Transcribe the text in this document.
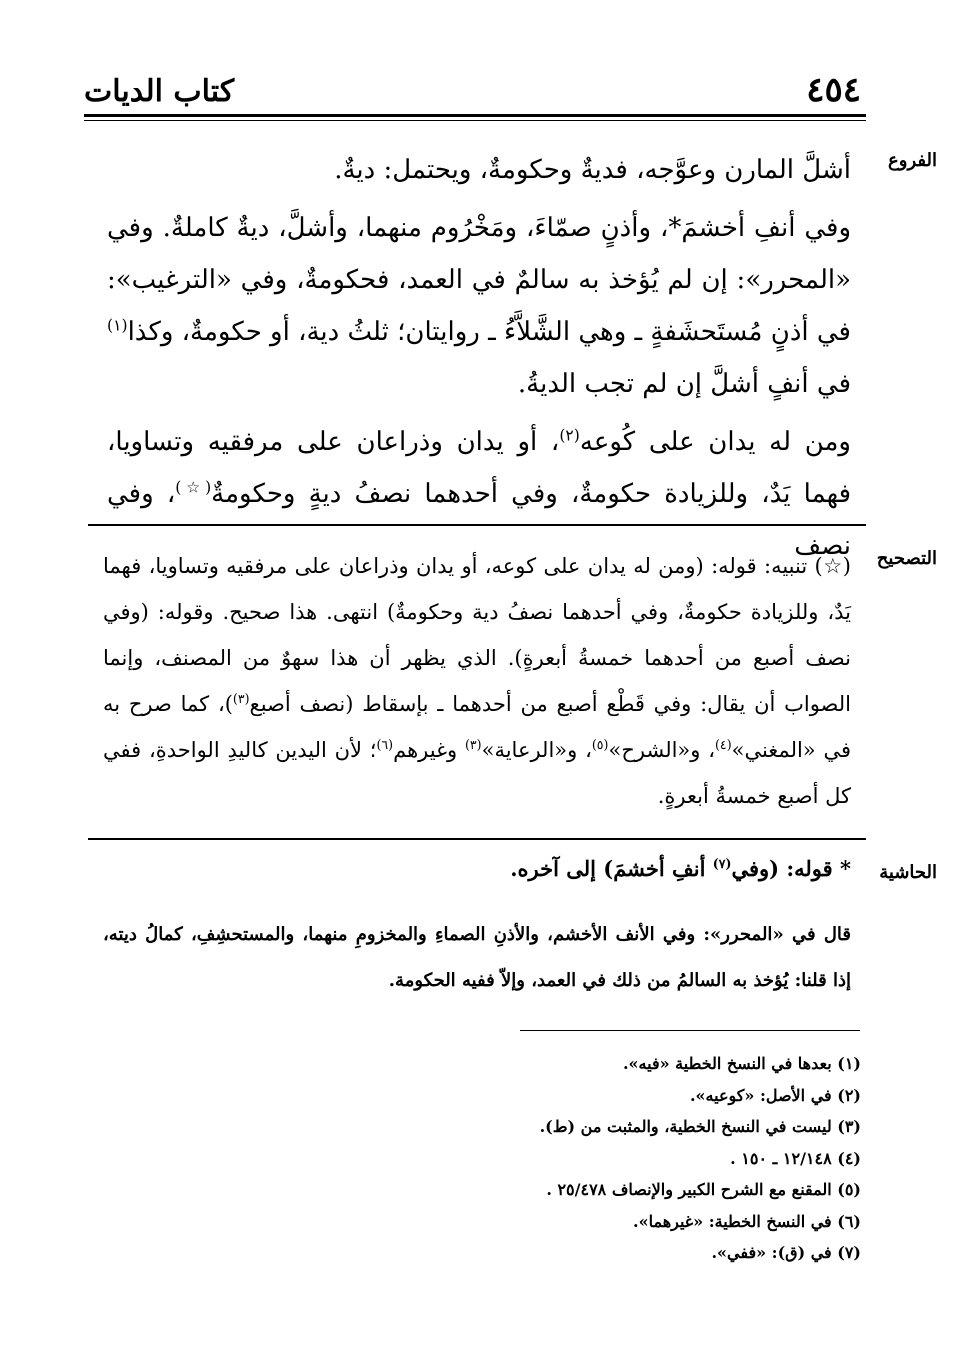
٤٥٤
كتاب الديات
الفروع
التصحيح
الحاشية

أشلَّ المارن وعوَّجه، فديةٌ وحكومةٌ، ويحتمل: ديةٌ.

وفي أنفِ أخشمَ*، وأذنٍ صمّاءَ، ومَخْرُوم منهما، وأشلَّ، ديةٌ كاملةٌ. وفي «المحرر»: إن لم يُؤخذ به سالمٌ في العمد، فحكومةٌ، وفي «الترغيب»: في أذنٍ مُستَحشَفةٍ ـ وهي الشَّلاَّءُ ـ روايتان؛ ثلثُ دية، أو حكومةٌ، وكذا$^{(١)}$ في أنفٍ أشلَّ إن لم تجب الديةُ.

ومن له يدان على كُوعه$^{(٢)}$، أو يدان وذراعان على مرفقيه وتساويا، فهما يَدٌ، وللزيادة حكومةٌ، وفي أحدهما نصفُ ديةٍ وحكومةٌ(☆)، وفي نصف

(☆) تنبيه: قوله: (ومن له يدان على كوعه، أو يدان وذراعان على مرفقيه وتساويا، فهما يَدٌ، وللزيادة حكومةٌ، وفي أحدهما نصفُ دية وحكومةٌ) انتهى. هذا صحيح. وقوله: (وفي نصف أصبع من أحدهما خمسةُ أبعرةٍ). الذي يظهر أن هذا سهوٌ من المصنف، وإنما الصواب أن يقال: وفي قَطْع أصبع من أحدهما ـ بإسقاط (نصف أصبع$^{(٣)}$)، كما صرح به في «المغني»$^{(٤)}$، و«الشرح»$^{(٥)}$، و«الرعاية»$^{(٣)}$ وغيرهم$^{(٦)}$؛ لأن اليدين كاليدِ الواحدةِ، ففي كل أصبع خمسةُ أبعرةٍ.

* قوله: (وفي$^{(٧)}$ أنفِ أخشمَ) إلى آخره.

قال في «المحرر»: وفي الأنف الأخشم، والأذنِ الصماءِ والمخزومِ منهما، والمستحشِفِ، كمالُ ديته، إذا قلنا: يُؤخذ به السالمُ من ذلك في العمد، وإلاّ ففيه الحكومة.

(١) بعدها في النسخ الخطية «فيه».
(٢) في الأصل: «كوعيه».
(٣) ليست في النسخ الخطية، والمثبت من (ط).
(٤) ١٢/١٤٨ ـ ١٥٠ .
(٥) المقنع مع الشرح الكبير والإنصاف ٢٥/٤٧٨ .
(٦) في النسخ الخطية: «غيرهما».
(٧) في (ق): «ففي».
